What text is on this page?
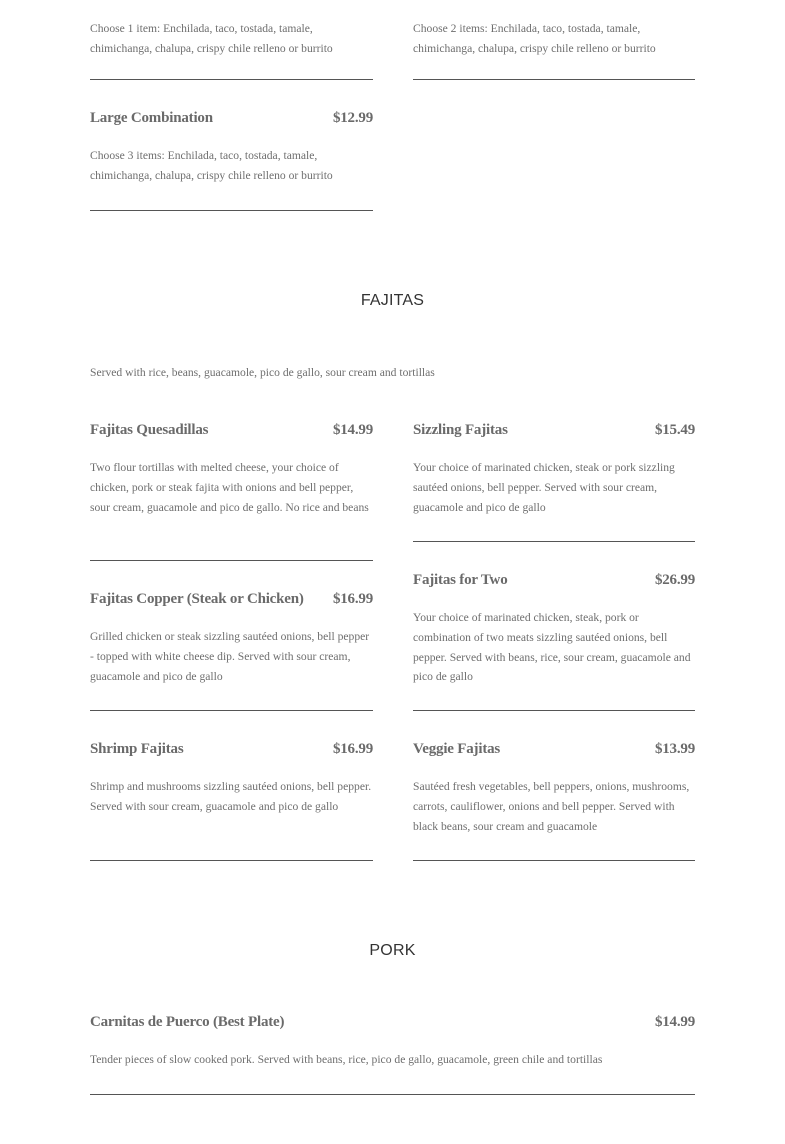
Choose 1 item: Enchilada, taco, tostada, tamale, chimichanga, chalupa, crispy chile relleno or burrito

Choose 2 items: Enchilada, taco, tostada, tamale, chimichanga, chalupa, crispy chile relleno or burrito

Large Combination	$12.99

Choose 3 items: Enchilada, taco, tostada, tamale, chimichanga, chalupa, crispy chile relleno or burrito

FAJITAS
Served with rice, beans, guacamole, pico de gallo, sour cream and tortillas
Fajitas Quesadillas	$14.99

Two flour tortillas with melted cheese, your choice of chicken, pork or steak fajita with onions and bell pepper, sour cream, guacamole and pico de gallo. No rice and beans

Sizzling Fajitas	$15.49

Your choice of marinated chicken, steak or pork sizzling sautéed onions, bell pepper. Served with sour cream, guacamole and pico de gallo

Fajitas Copper (Steak or Chicken) $16.99

Grilled chicken or steak sizzling sautéed onions, bell pepper - topped with white cheese dip. Served with sour cream, guacamole and pico de gallo

Fajitas for Two	$26.99

Your choice of marinated chicken, steak, pork or combination of two meats sizzling sautéed onions, bell pepper. Served with beans, rice, sour cream, guacamole and pico de gallo

Shrimp Fajitas	$16.99

Shrimp and mushrooms sizzling sautéed onions, bell pepper. Served with sour cream, guacamole and pico de gallo

Veggie Fajitas	$13.99

Sautéed fresh vegetables, bell peppers, onions, mushrooms, carrots, cauliflower, onions and bell pepper. Served with black beans, sour cream and guacamole

PORK
Carnitas de Puerco (Best Plate)	$14.99

Tender pieces of slow cooked pork. Served with beans, rice, pico de gallo, guacamole, green chile and tortillas
